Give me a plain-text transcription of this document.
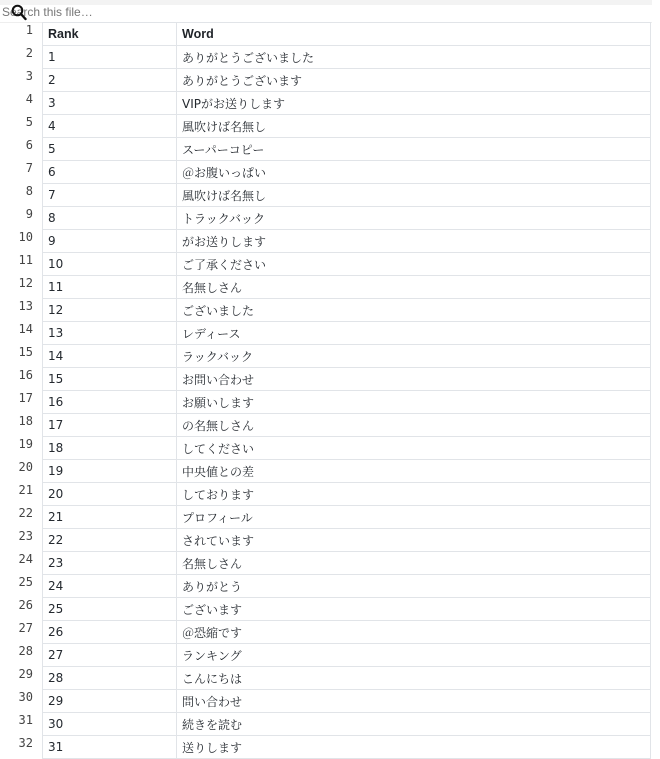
Search this file…
1	Rank	Word
2	1	ありがとうございました
3	2	ありがとうございます
4	3	VIPがお送りします
5	4	風吹けば名無し
6	5	スーパーコピー
7	6	＠お腹いっぱい
8	7	風吹けば名無し
9	8	トラックバック
10	9	がお送りします
11	10	ご了承ください
12	11	名無しさん
13	12	ございました
14	13	レディース
15	14	ラックバック
16	15	お問い合わせ
17	16	お願いします
18	17	の名無しさん
19	18	してください
20	19	中央値との差
21	20	しております
22	21	プロフィール
23	22	されています
24	23	名無しさん
25	24	ありがとう
26	25	ございます
27	26	＠恐縮です
28	27	ランキング
29	28	こんにちは
30	29	問い合わせ
31	30	続きを読む
32	31	送りします
